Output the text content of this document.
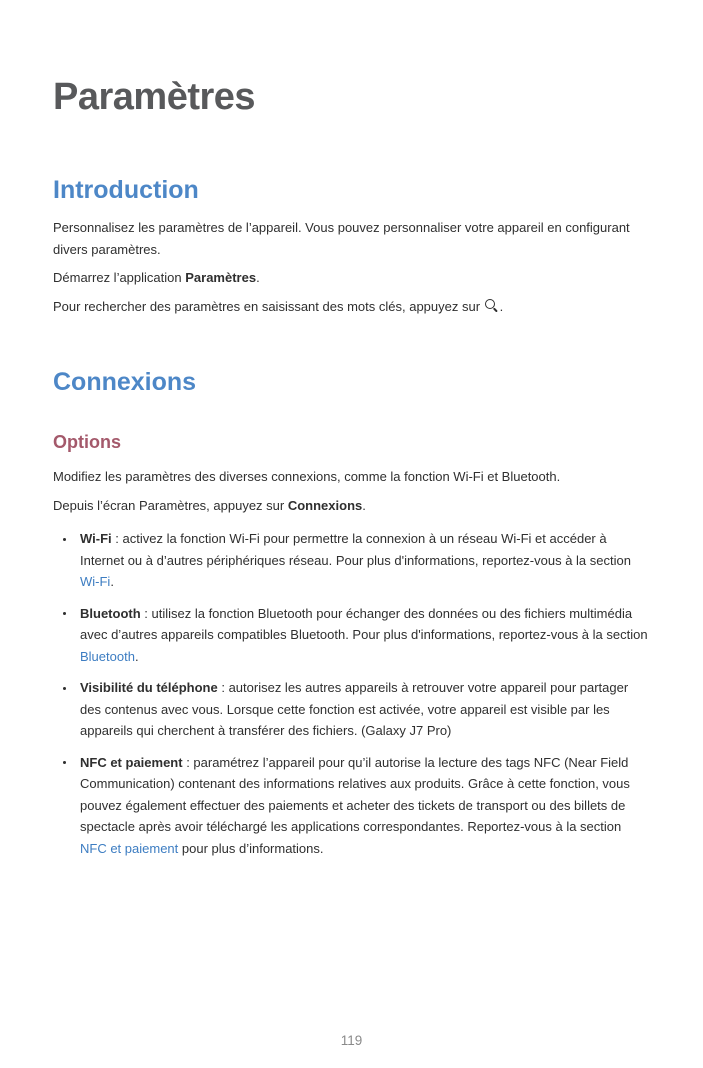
Paramètres
Introduction

Personnalisez les paramètres de l’appareil. Vous pouvez personnaliser votre appareil en configurant divers paramètres.

Démarrez l’application Paramètres.

Pour rechercher des paramètres en saisissant des mots clés, appuyez sur .

Connexions
Options

Modifiez les paramètres des diverses connexions, comme la fonction Wi-Fi et Bluetooth.

Depuis l’écran Paramètres, appuyez sur Connexions.

Wi-Fi : activez la fonction Wi-Fi pour permettre la connexion à un réseau Wi-Fi et accéder à Internet ou à d’autres périphériques réseau. Pour plus d'informations, reportez-vous à la section Wi-Fi.
Bluetooth : utilisez la fonction Bluetooth pour échanger des données ou des fichiers multimédia avec d’autres appareils compatibles Bluetooth. Pour plus d'informations, reportez-vous à la section Bluetooth.
Visibilité du téléphone : autorisez les autres appareils à retrouver votre appareil pour partager des contenus avec vous. Lorsque cette fonction est activée, votre appareil est visible par les appareils qui cherchent à transférer des fichiers. (Galaxy J7 Pro)
NFC et paiement : paramétrez l’appareil pour qu’il autorise la lecture des tags NFC (Near Field Communication) contenant des informations relatives aux produits. Grâce à cette fonction, vous pouvez également effectuer des paiements et acheter des tickets de transport ou des billets de spectacle après avoir téléchargé les applications correspondantes. Reportez-vous à la section NFC et paiement pour plus d’informations.
119
